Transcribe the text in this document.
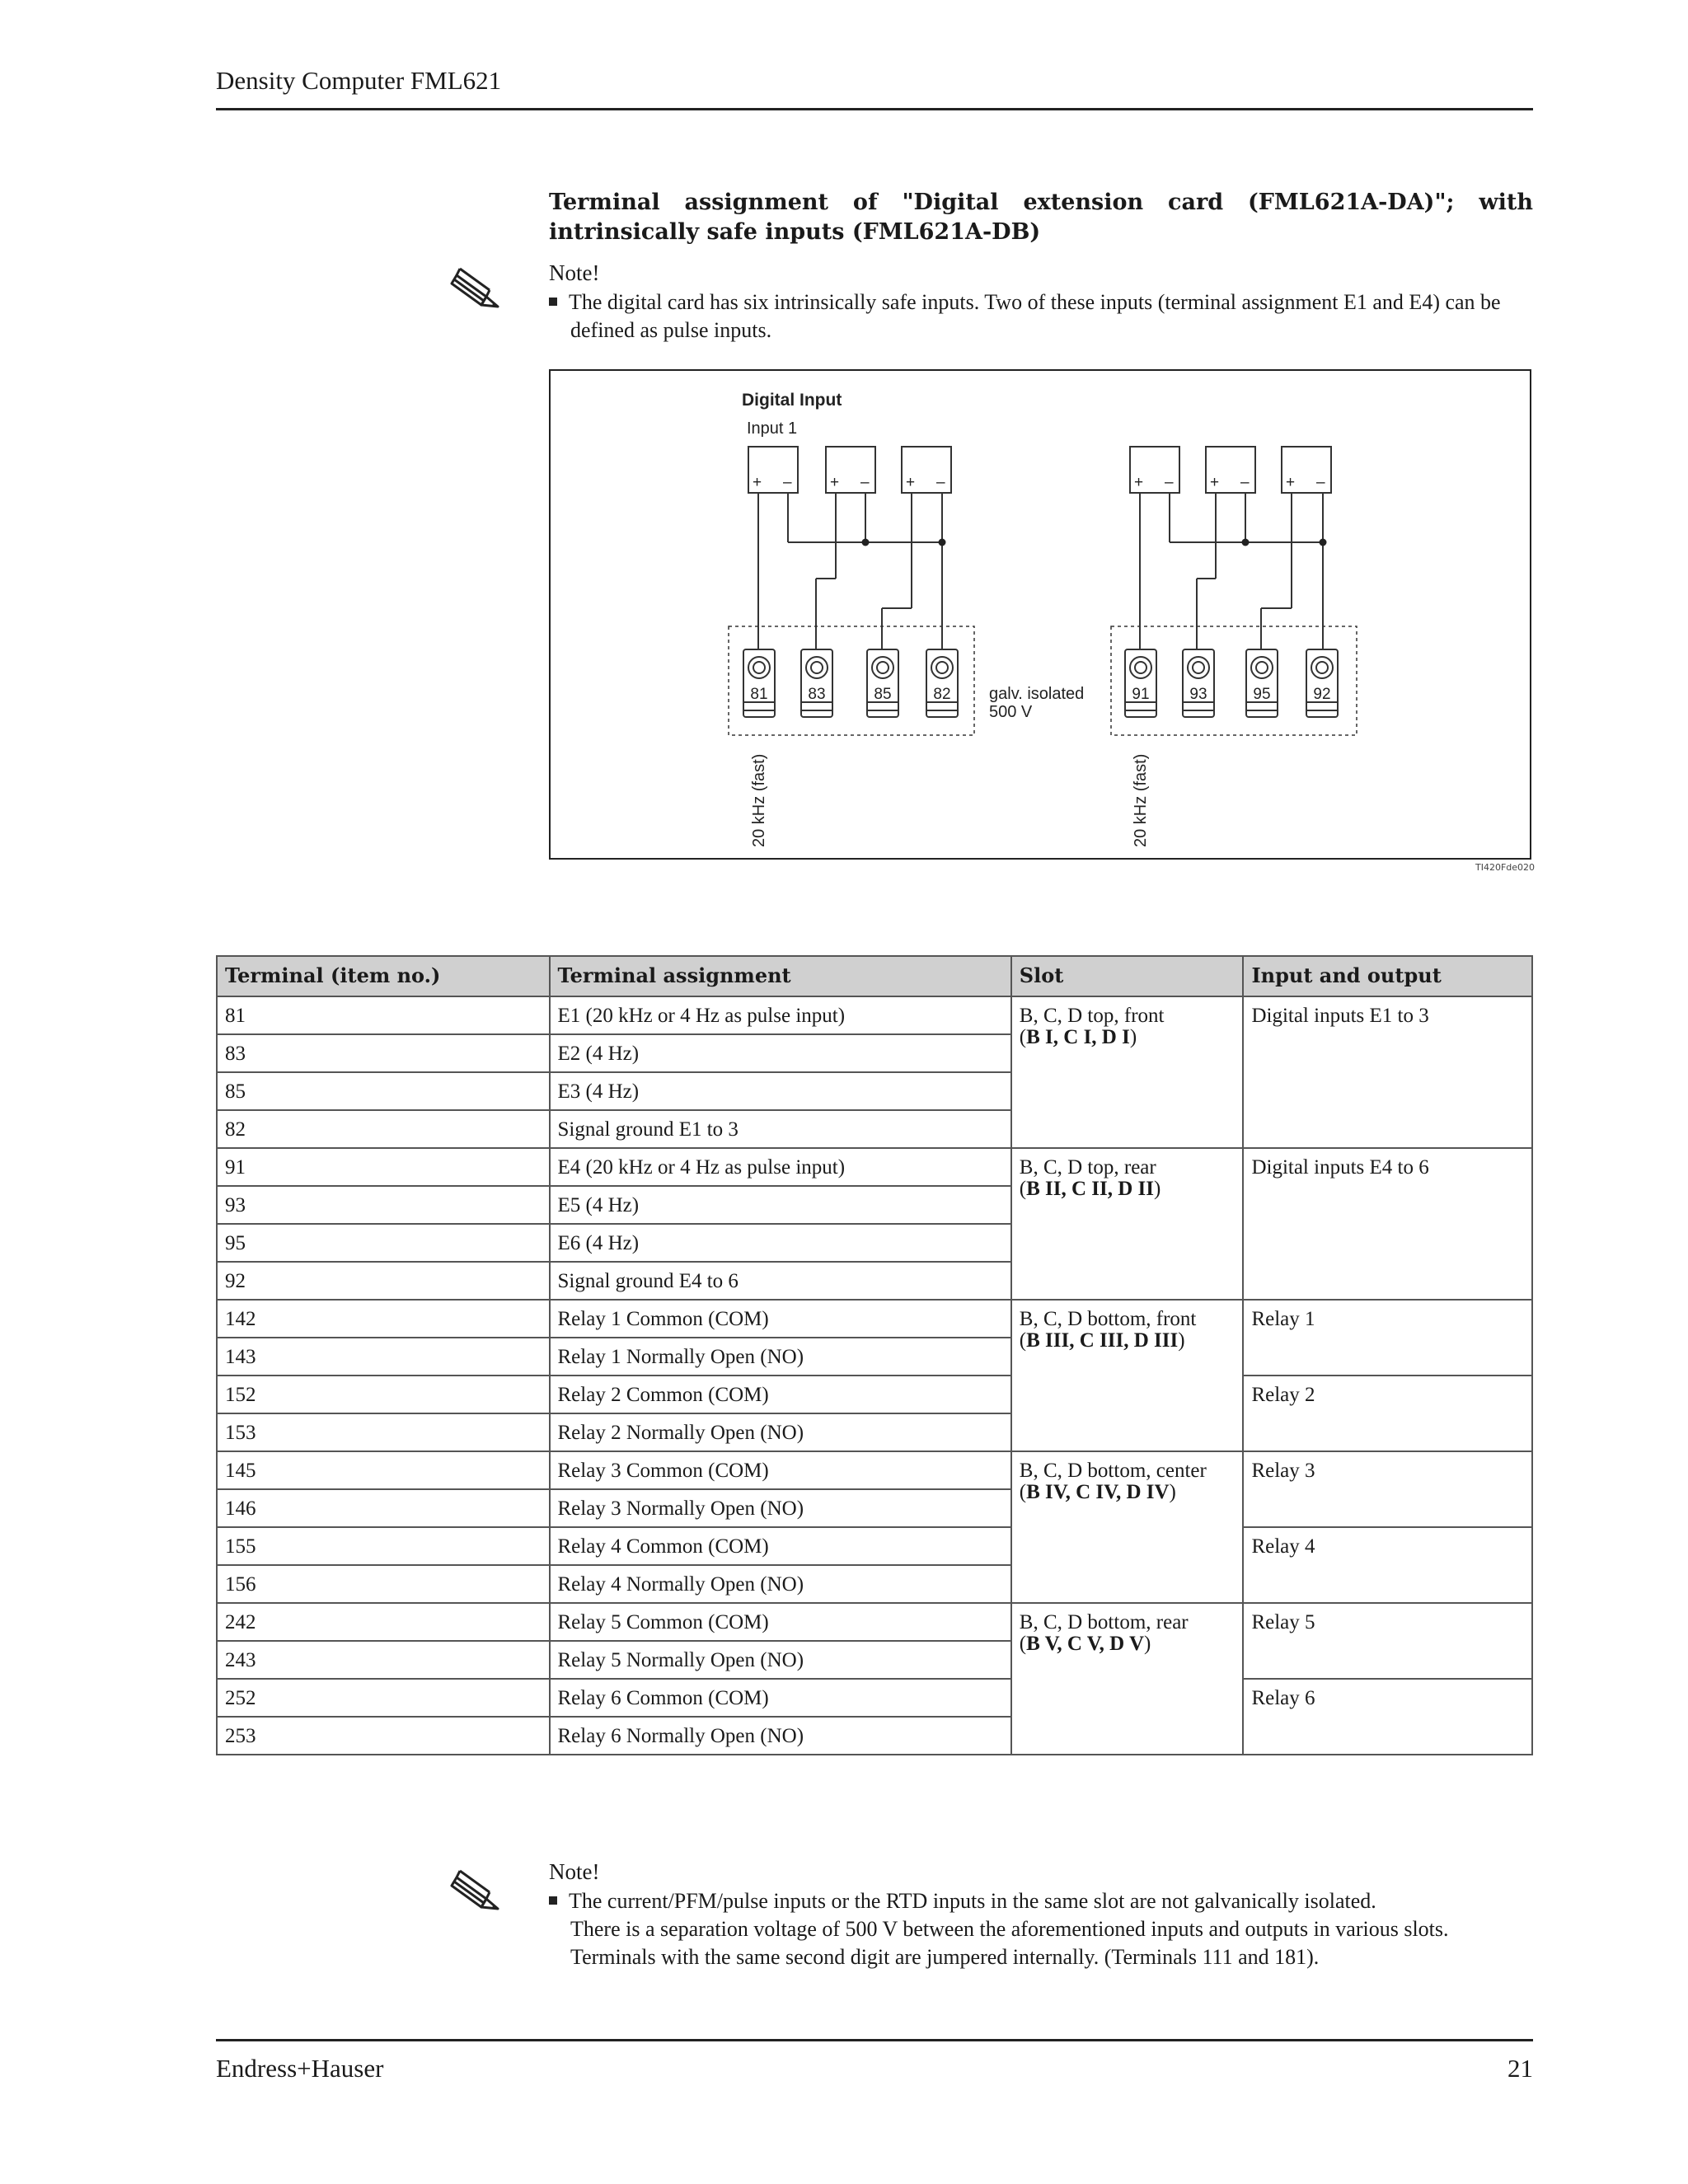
Density Computer FML621
Terminal assignment of "Digital extension card (FML621A-DA)"; with intrinsically safe inputs (FML621A-DB)
Note!
The digital card has six intrinsically safe inputs. Two of these inputs (terminal assignment E1 and E4) can be defined as pulse inputs.
Digital Input
Input 1
+ – + – + –	+ – + – + –
81	83	85	82	91	93	95	92
galv. isolated
500 V
20 kHz (fast)	20 kHz (fast)
TI420Fde020
Terminal (item no.)	Terminal assignment	Slot	Input and output
81	E1 (20 kHz or 4 Hz as pulse input)	B, C, D top, front
(B I, C I, D I)	Digital inputs E1 to 3
83	E2 (4 Hz)		
85	E3 (4 Hz)		
82	Signal ground E1 to 3		
91	E4 (20 kHz or 4 Hz as pulse input)	B, C, D top, rear
(B II, C II, D II)	Digital inputs E4 to 6
93	E5 (4 Hz)		
95	E6 (4 Hz)		
92	Signal ground E4 to 6		
142	Relay 1 Common (COM)	B, C, D bottom, front
(B III, C III, D III)	Relay 1
143	Relay 1 Normally Open (NO)		
152	Relay 2 Common (COM)		Relay 2
153	Relay 2 Normally Open (NO)		
145	Relay 3 Common (COM)	B, C, D bottom, center
(B IV, C IV, D IV)	Relay 3
146	Relay 3 Normally Open (NO)		
155	Relay 4 Common (COM)		Relay 4
156	Relay 4 Normally Open (NO)		
242	Relay 5 Common (COM)	B, C, D bottom, rear
(B V, C V, D V)	Relay 5
243	Relay 5 Normally Open (NO)		
252	Relay 6 Common (COM)		Relay 6
253	Relay 6 Normally Open (NO)		
Note!
The current/PFM/pulse inputs or the RTD inputs in the same slot are not galvanically isolated.
There is a separation voltage of 500 V between the aforementioned inputs and outputs in various slots.
Terminals with the same second digit are jumpered internally. (Terminals 111 and 181).
Endress+Hauser	21
